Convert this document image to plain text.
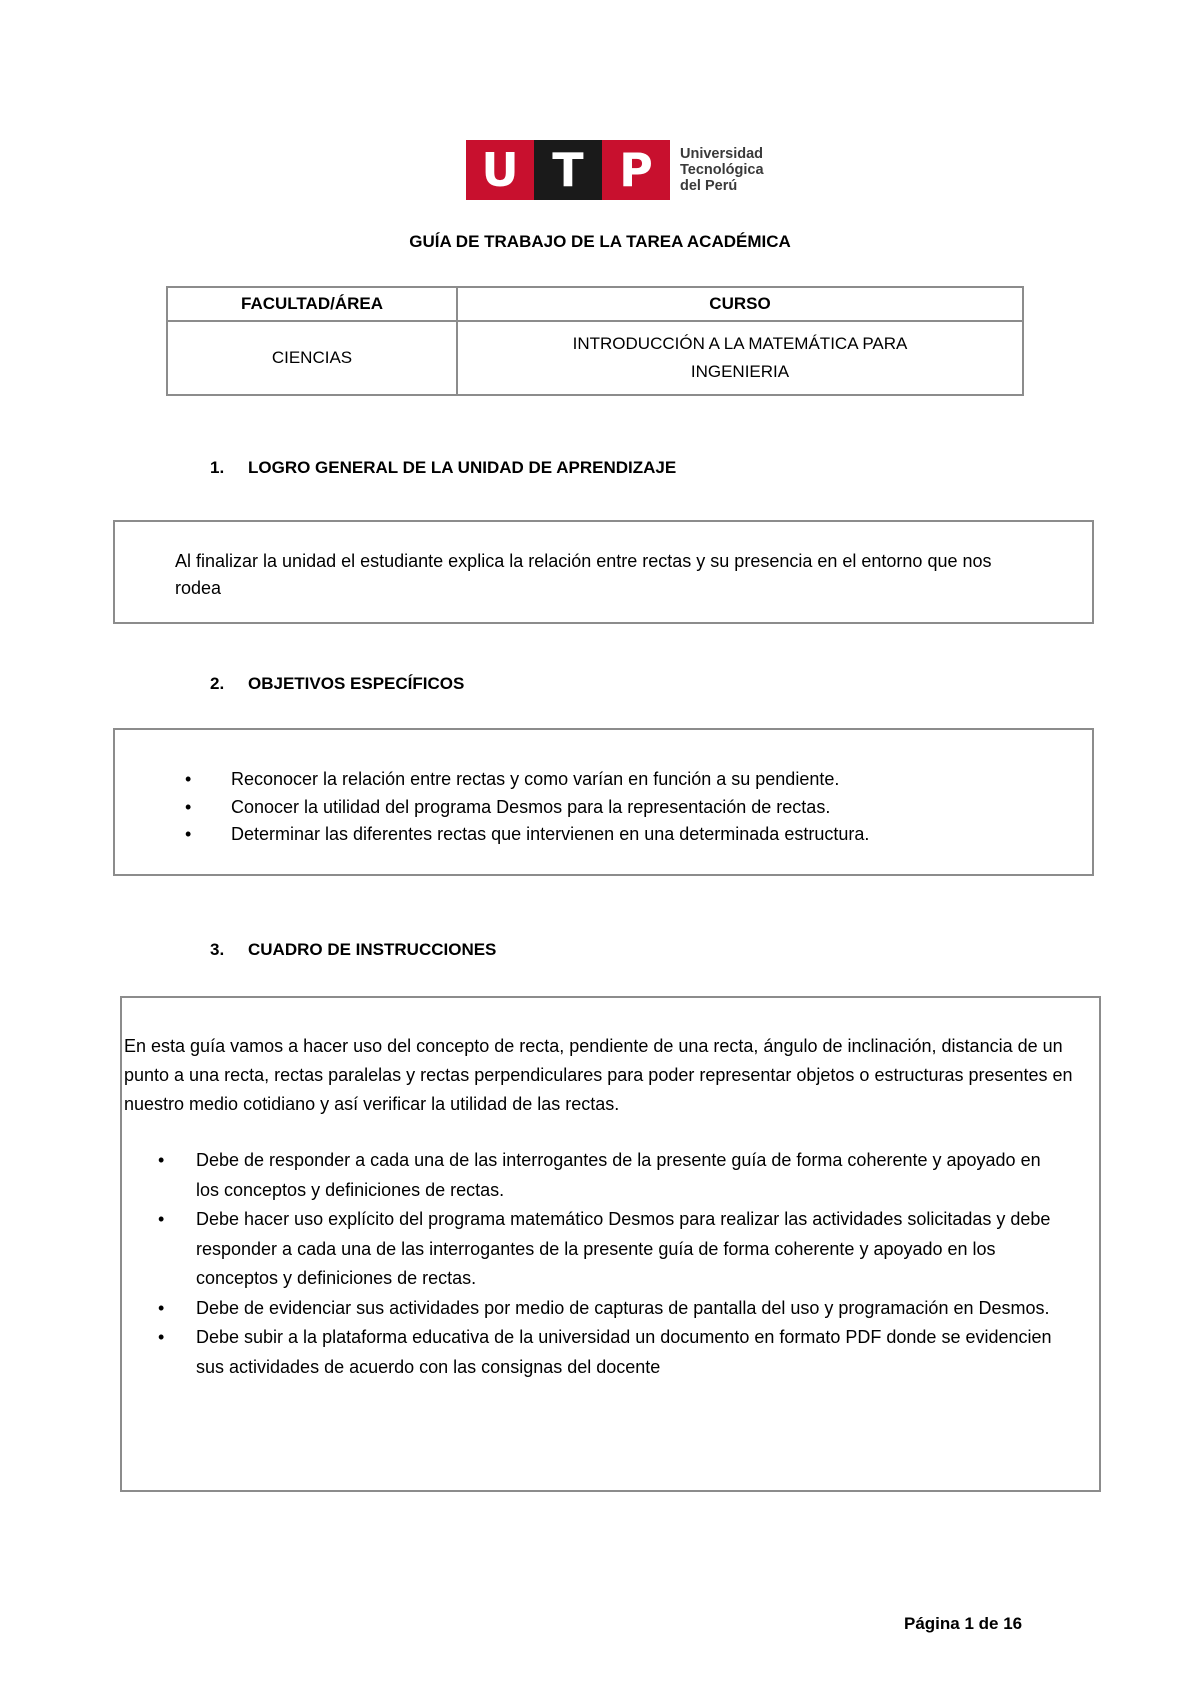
U T P	Universidad
Tecnológica
del Perú
GUÍA DE TRABAJO DE LA TAREA ACADÉMICA
FACULTAD/ÁREA	CURSO
CIENCIAS	INTRODUCCIÓN A LA MATEMÁTICA PARA
INGENIERIA
1. LOGRO GENERAL DE LA UNIDAD DE APRENDIZAJE

Al finalizar la unidad el estudiante explica la relación entre rectas y su presencia en el entorno que nos rodea

2. OBJETIVOS ESPECÍFICOS
• Reconocer la relación entre rectas y como varían en función a su pendiente.
• Conocer la utilidad del programa Desmos para la representación de rectas.
• Determinar las diferentes rectas que intervienen en una determinada estructura.
3. CUADRO DE INSTRUCCIONES

En esta guía vamos a hacer uso del concepto de recta, pendiente de una recta, ángulo de inclinación, distancia de un punto a una recta, rectas paralelas y rectas perpendiculares para poder representar objetos o estructuras presentes en nuestro medio cotidiano y así verificar la utilidad de las rectas.

• Debe de responder a cada una de las interrogantes de la presente guía de forma coherente y apoyado en los conceptos y definiciones de rectas.
• Debe hacer uso explícito del programa matemático Desmos para realizar las actividades solicitadas y debe responder a cada una de las interrogantes de la presente guía de forma coherente y apoyado en los conceptos y definiciones de rectas.
• Debe de evidenciar sus actividades por medio de capturas de pantalla del uso y programación en Desmos.
• Debe subir a la plataforma educativa de la universidad un documento en formato PDF donde se evidencien sus actividades de acuerdo con las consignas del docente
Página 1 de 16
